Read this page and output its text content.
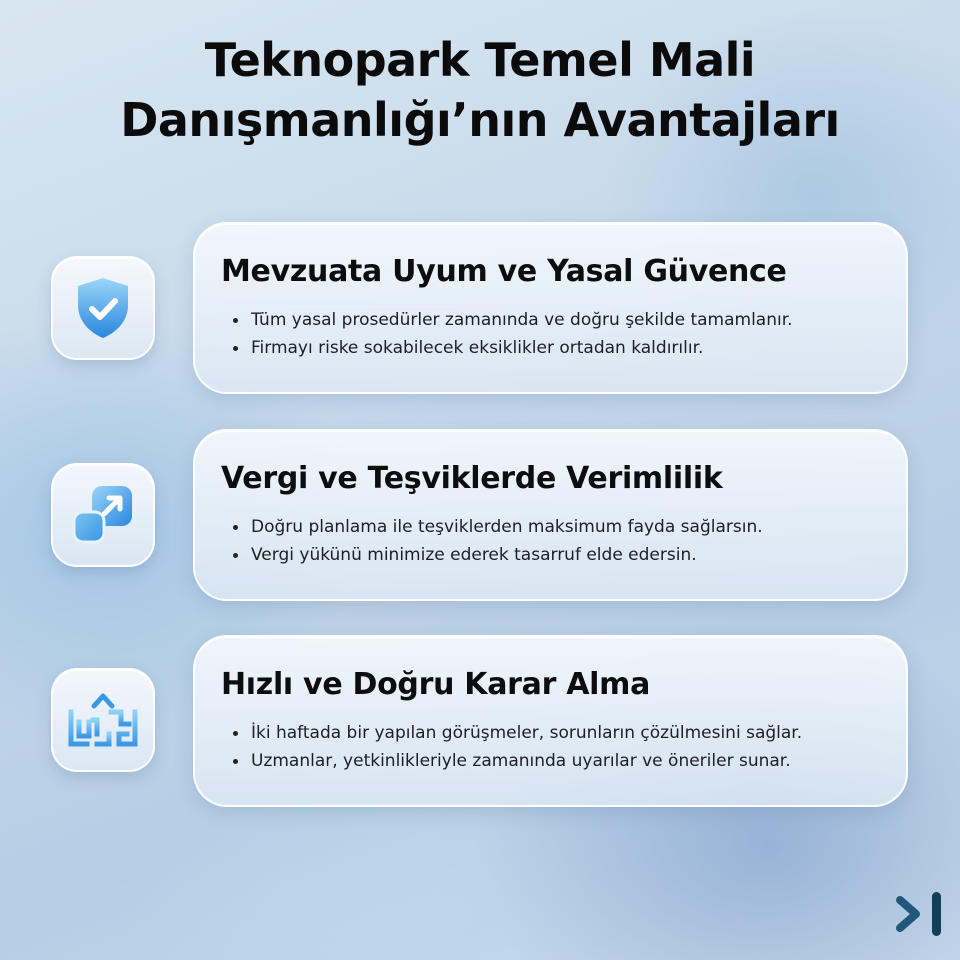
Teknopark Temel Mali
Danışmanlığı’nın Avantajları
Mevzuata Uyum ve Yasal Güvence
Tüm yasal prosedürler zamanında ve doğru şekilde tamamlanır.
Firmayı riske sokabilecek eksiklikler ortadan kaldırılır.
Vergi ve Teşviklerde Verimlilik
Doğru planlama ile teşviklerden maksimum fayda sağlarsın.
Vergi yükünü minimize ederek tasarruf elde edersin.
Hızlı ve Doğru Karar Alma
İki haftada bir yapılan görüşmeler, sorunların çözülmesini sağlar.
Uzmanlar, yetkinlikleriyle zamanında uyarılar ve öneriler sunar.
